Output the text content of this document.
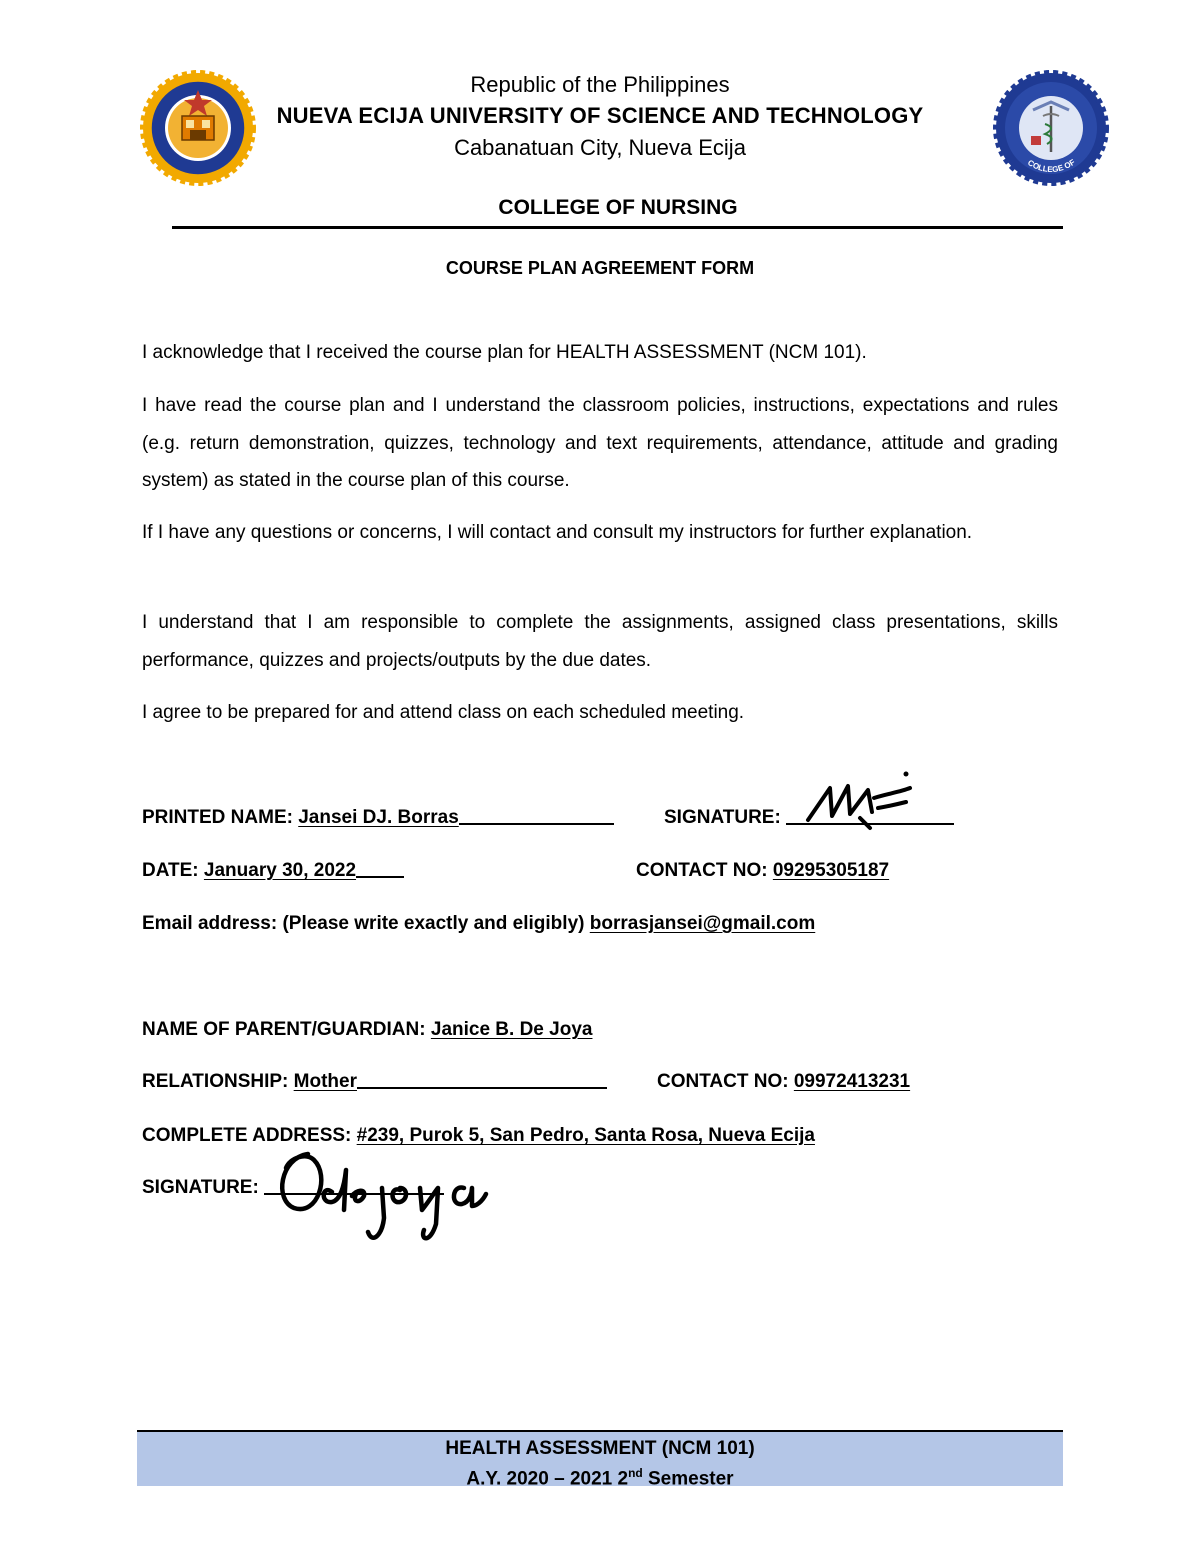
COLLEGE OF
Republic of the Philippines
NUEVA ECIJA UNIVERSITY OF SCIENCE AND TECHNOLOGY
Cabanatuan City, Nueva Ecija
COLLEGE OF NURSING
COURSE PLAN AGREEMENT FORM

I acknowledge that I received the course plan for HEALTH ASSESSMENT (NCM 101).

I have read the course plan and I understand the classroom policies, instructions, expectations and rules (e.g. return demonstration, quizzes, technology and text requirements, attendance, attitude and grading system) as stated in the course plan of this course.

If I have any questions or concerns, I will contact and consult my instructors for further explanation.

I understand that I am responsible to complete the assignments, assigned class presentations, skills performance, quizzes and projects/outputs by the due dates.

I agree to be prepared for and attend class on each scheduled meeting.

PRINTED NAME: Jansei DJ. Borras	SIGNATURE:
DATE: January 30, 2022	CONTACT NO: 09295305187
Email address: (Please write exactly and eligibly) borrasjansei@gmail.com
NAME OF PARENT/GUARDIAN: Janice B. De Joya
RELATIONSHIP: Mother	CONTACT NO: 09972413231
COMPLETE ADDRESS: #239, Purok 5, San Pedro, Santa Rosa, Nueva Ecija
SIGNATURE:
HEALTH ASSESSMENT (NCM 101)
A.Y. 2020 – 2021 2nd Semester
